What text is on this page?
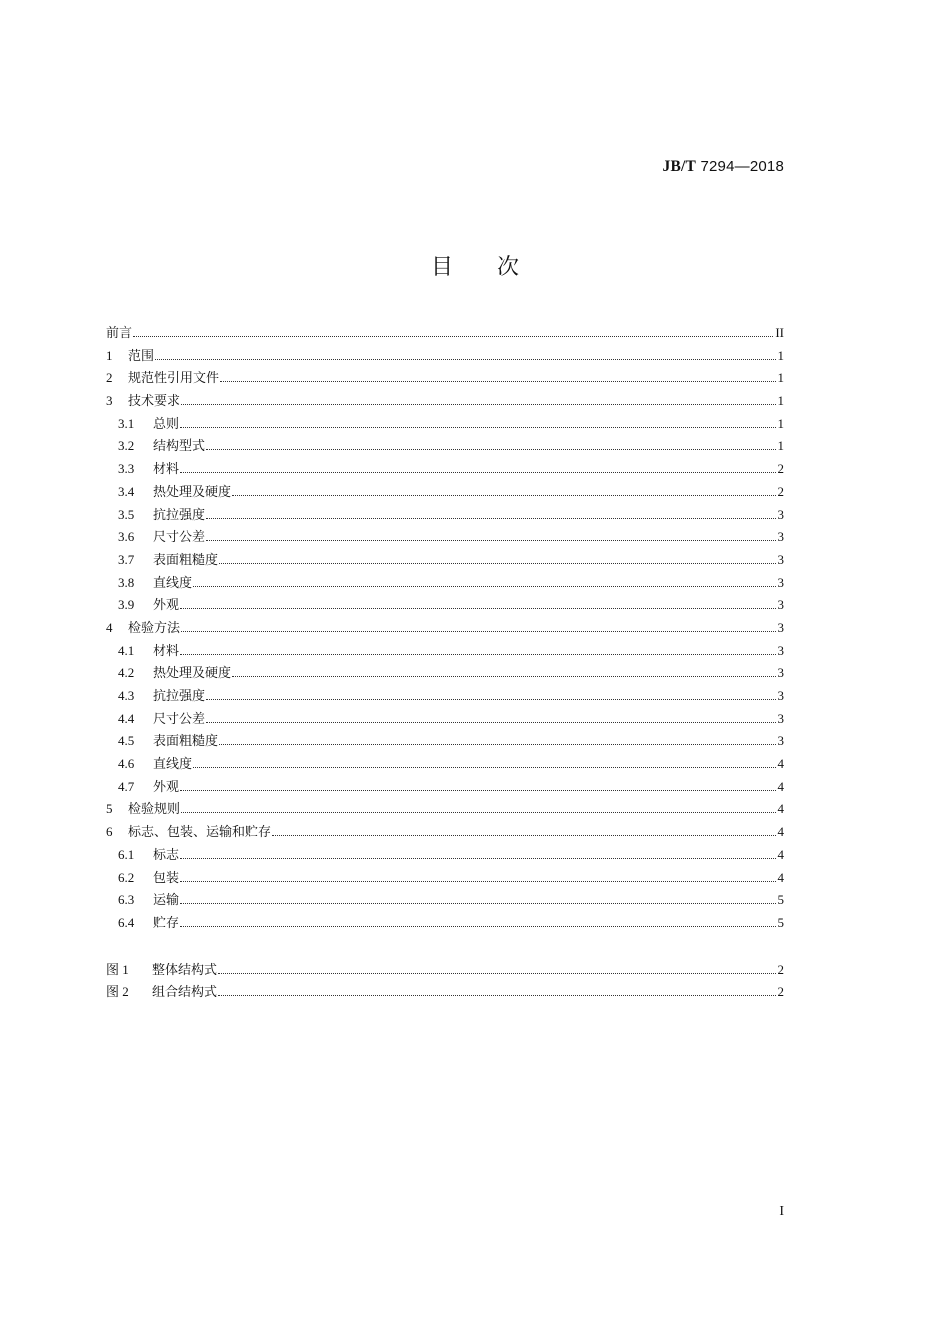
JB/T 7294—2018
目 次
前言	II
1	范围	1
2	规范性引用文件	1
3	技术要求	1
3.1	总则	1
3.2	结构型式	1
3.3	材料	2
3.4	热处理及硬度	2
3.5	抗拉强度	3
3.6	尺寸公差	3
3.7	表面粗糙度	3
3.8	直线度	3
3.9	外观	3
4	检验方法	3
4.1	材料	3
4.2	热处理及硬度	3
4.3	抗拉强度	3
4.4	尺寸公差	3
4.5	表面粗糙度	3
4.6	直线度	4
4.7	外观	4
5	检验规则	4
6	标志、包装、运输和贮存	4
6.1	标志	4
6.2	包装	4
6.3	运输	5
6.4	贮存	5
图 1	整体结构式	2
图 2	组合结构式	2
I
